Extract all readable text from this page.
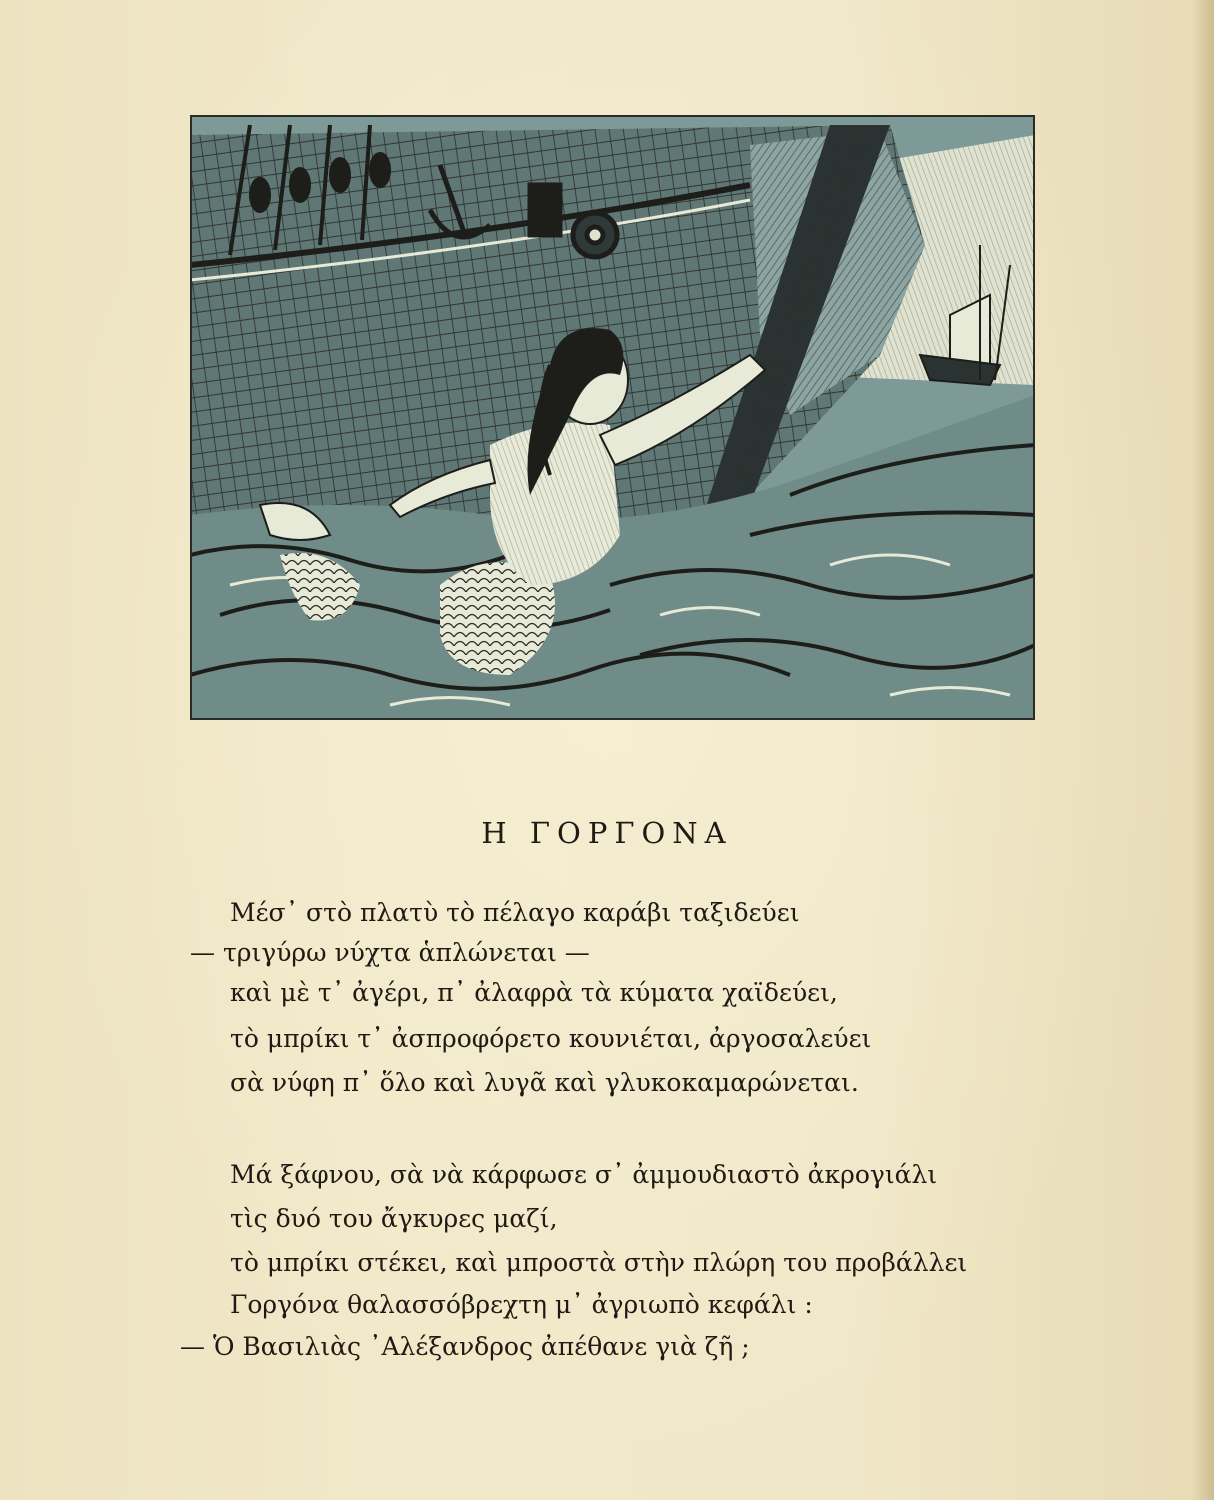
Η ΓΟΡΓΟΝΑ
Μέσ᾽ στὸ πλατὺ τὸ πέλαγο καράβι ταξιδεύει
— τριγύρω νύχτα ἁπλώνεται —
καὶ μὲ τ᾽ ἀγέρι, π᾽ ἀλαφρὰ τὰ κύματα χαϊδεύει,
τὸ μπρίκι τ᾽ ἀσπροφόρετο κουνιέται, ἀργοσαλεύει
σὰ νύφη π᾽ ὅλο καὶ λυγᾶ καὶ γλυκοκαμαρώνεται.
Μά ξάφνου, σὰ νὰ κάρφωσε σ᾽ ἀμμουδιαστὸ ἀκρογιάλι
τὶς δυό του ἄγκυρες μαζί,
τὸ μπρίκι στέκει, καὶ μπροστὰ στὴν πλώρη του προβάλλει
Γοργόνα θαλασσόβρεχτη μ᾽ ἀγριωπὸ κεφάλι :
— Ὁ Βασιλιὰς ᾽Αλέξανδρος ἀπέθανε γιὰ ζῆ ;
